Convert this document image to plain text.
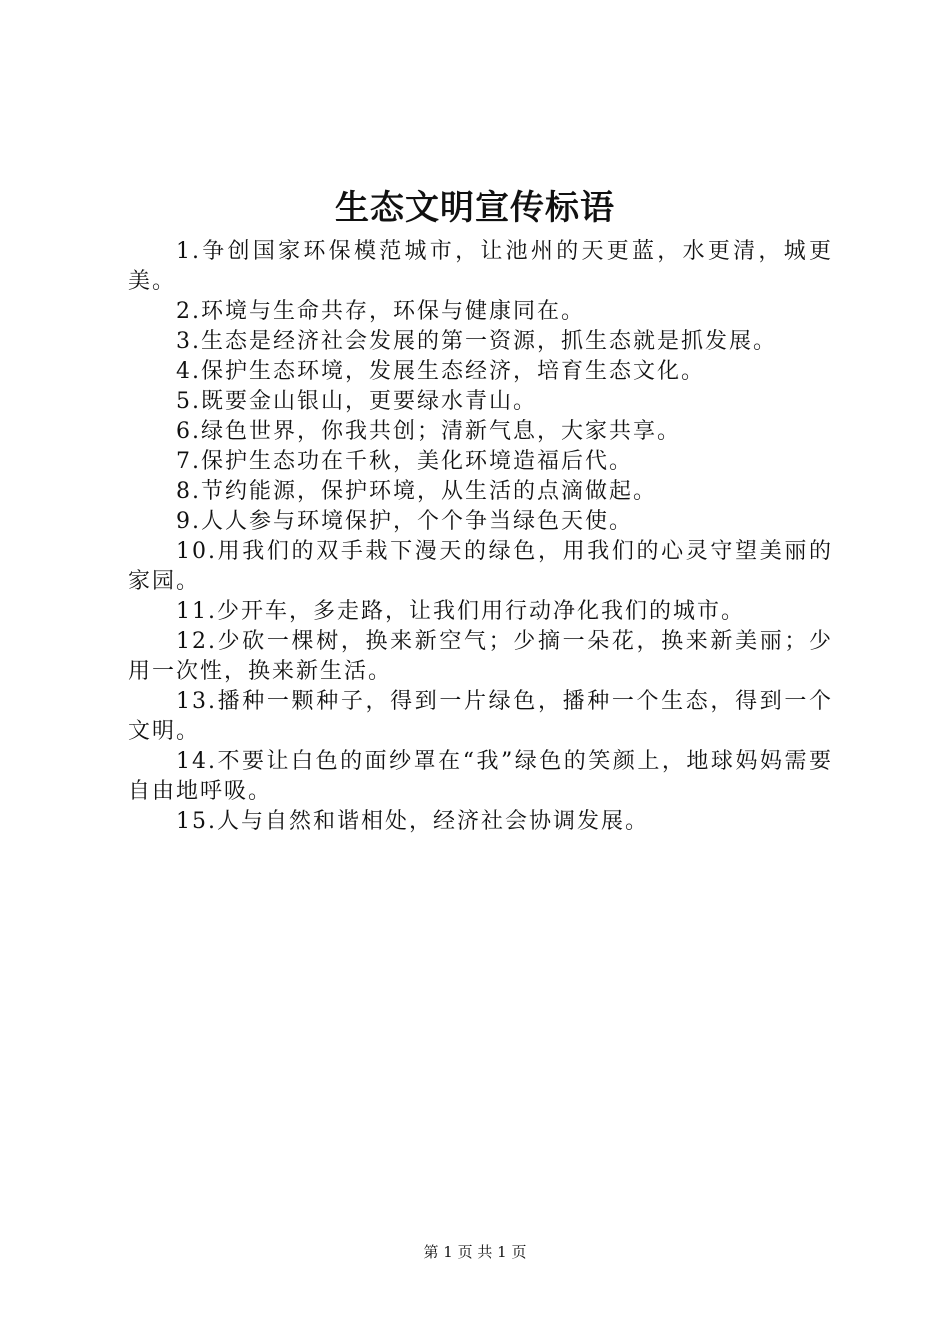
生态文明宣传标语

1.争创国家环保模范城市，让池州的天更蓝，水更清，城更美。

2.环境与生命共存，环保与健康同在。

3.生态是经济社会发展的第一资源，抓生态就是抓发展。

4.保护生态环境，发展生态经济，培育生态文化。

5.既要金山银山，更要绿水青山。

6.绿色世界，你我共创；清新气息，大家共享。

7.保护生态功在千秋，美化环境造福后代。

8.节约能源，保护环境，从生活的点滴做起。

9.人人参与环境保护，个个争当绿色天使。

10.用我们的双手栽下漫天的绿色，用我们的心灵守望美丽的家园。

11.少开车，多走路，让我们用行动净化我们的城市。

12.少砍一棵树，换来新空气；少摘一朵花，换来新美丽；少用一次性，换来新生活。

13.播种一颗种子，得到一片绿色，播种一个生态，得到一个文明。

14.不要让白色的面纱罩在“我”绿色的笑颜上，地球妈妈需要自由地呼吸。

15.人与自然和谐相处，经济社会协调发展。

第 1 页 共 1 页
